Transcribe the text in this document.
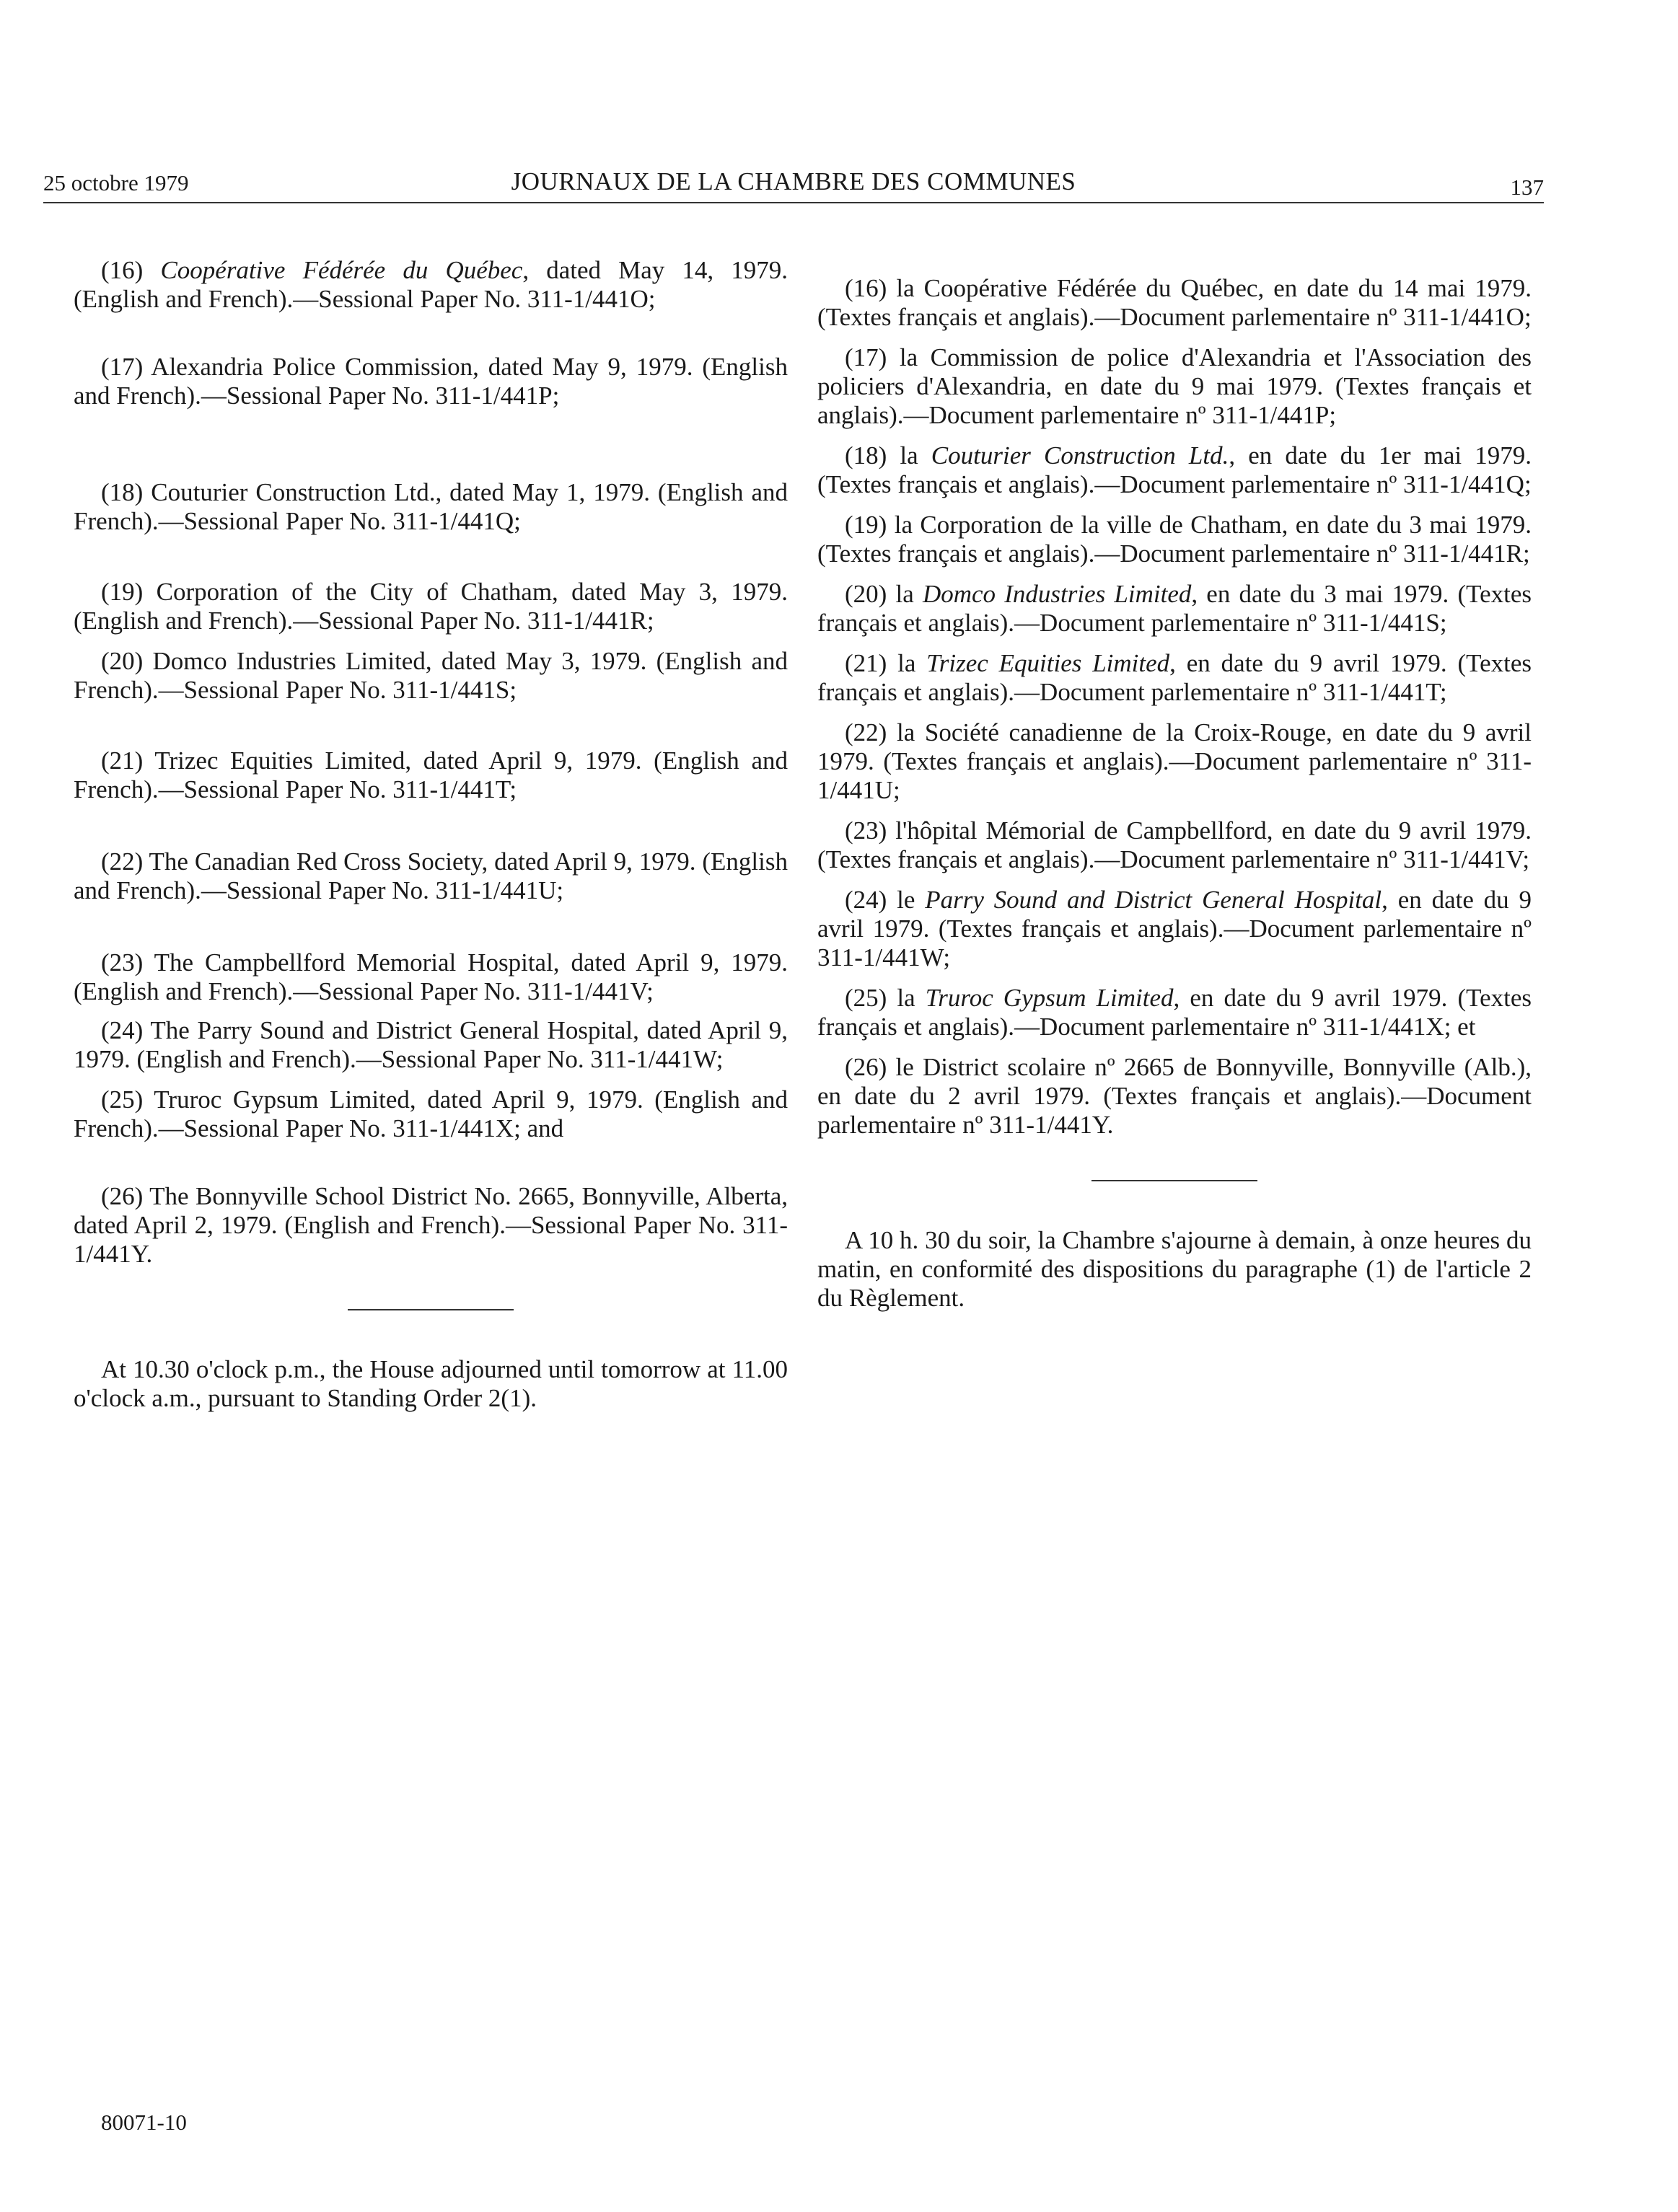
25 octobre 1979	JOURNAUX DE LA CHAMBRE DES COMMUNES	137

(16) Coopérative Fédérée du Québec, dated May 14, 1979. (English and French).—Sessional Paper No. 311-1/441O;

(17) Alexandria Police Commission, dated May 9, 1979. (English and French).—Sessional Paper No. 311-1/441P;

(18) Couturier Construction Ltd., dated May 1, 1979. (English and French).—Sessional Paper No. 311-1/441Q;

(19) Corporation of the City of Chatham, dated May 3, 1979. (English and French).—Sessional Paper No. 311-1/441R;

(20) Domco Industries Limited, dated May 3, 1979. (English and French).—Sessional Paper No. 311-1/441S;

(21) Trizec Equities Limited, dated April 9, 1979. (English and French).—Sessional Paper No. 311-1/441T;

(22) The Canadian Red Cross Society, dated April 9, 1979. (English and French).—Sessional Paper No. 311-1/441U;

(23) The Campbellford Memorial Hospital, dated April 9, 1979. (English and French).—Sessional Paper No. 311-1/441V;

(24) The Parry Sound and District General Hospital, dated April 9, 1979. (English and French).—Sessional Paper No. 311-1/441W;

(25) Truroc Gypsum Limited, dated April 9, 1979. (English and French).—Sessional Paper No. 311-1/441X; and

(26) The Bonnyville School District No. 2665, Bonnyville, Alberta, dated April 2, 1979. (English and French).—Sessional Paper No. 311-1/441Y.

At 10.30 o'clock p.m., the House adjourned until tomorrow at 11.00 o'clock a.m., pursuant to Standing Order 2(1).

(16) la Coopérative Fédérée du Québec, en date du 14 mai 1979. (Textes français et anglais).—Document parlementaire nº 311-1/441O;

(17) la Commission de police d'Alexandria et l'Association des policiers d'Alexandria, en date du 9 mai 1979. (Textes français et anglais).—Document parlementaire nº 311-1/441P;

(18) la Couturier Construction Ltd., en date du 1er mai 1979. (Textes français et anglais).—Document parlementaire nº 311-1/441Q;

(19) la Corporation de la ville de Chatham, en date du 3 mai 1979. (Textes français et anglais).—Document parlementaire nº 311-1/441R;

(20) la Domco Industries Limited, en date du 3 mai 1979. (Textes français et anglais).—Document parlementaire nº 311-1/441S;

(21) la Trizec Equities Limited, en date du 9 avril 1979. (Textes français et anglais).—Document parlementaire nº 311-1/441T;

(22) la Société canadienne de la Croix-Rouge, en date du 9 avril 1979. (Textes français et anglais).—Document parlementaire nº 311-1/441U;

(23) l'hôpital Mémorial de Campbellford, en date du 9 avril 1979. (Textes français et anglais).—Document parlementaire nº 311-1/441V;

(24) le Parry Sound and District General Hospital, en date du 9 avril 1979. (Textes français et anglais).—Document parlementaire nº 311-1/441W;

(25) la Truroc Gypsum Limited, en date du 9 avril 1979. (Textes français et anglais).—Document parlementaire nº 311-1/441X; et

(26) le District scolaire nº 2665 de Bonnyville, Bonnyville (Alb.), en date du 2 avril 1979. (Textes français et anglais).—Document parlementaire nº 311-1/441Y.

A 10 h. 30 du soir, la Chambre s'ajourne à demain, à onze heures du matin, en conformité des dispositions du paragraphe (1) de l'article 2 du Règlement.

80071-10
